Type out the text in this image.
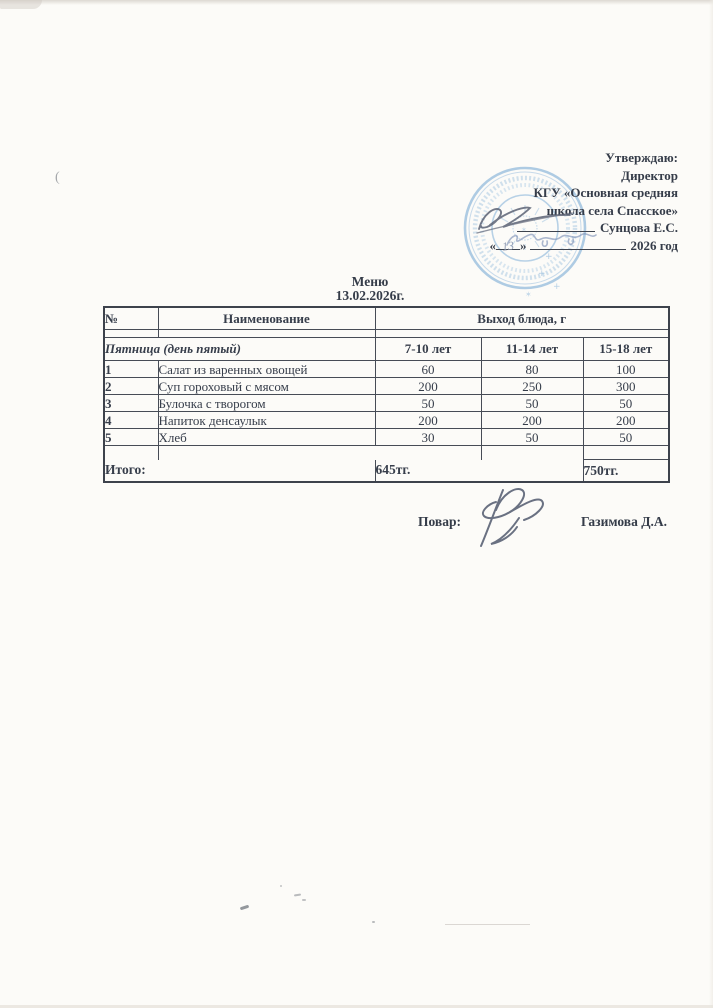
+
+
+
✶
✶
Утверждаю:
Директор
КГУ «Основная средняя
школа села Спасское»
Сунцова Е.С.
« 13 »	2026 год
Меню
13.02.2026г.
№	Наименование	Выход блюда, г		

Пятница (день пятый)		7-10 лет	11-14 лет	15-18 лет
1	Салат из варенных овощей	60	80	100
2	Суп гороховый с мясом	200	250	300
3	Булочка с творогом	50	50	50
4	Напиток денсаулык	200	200	200
5	Хлеб	30	50	50

Итого:		645тг.		750тг.
Повар:	Газимова Д.А.
(
